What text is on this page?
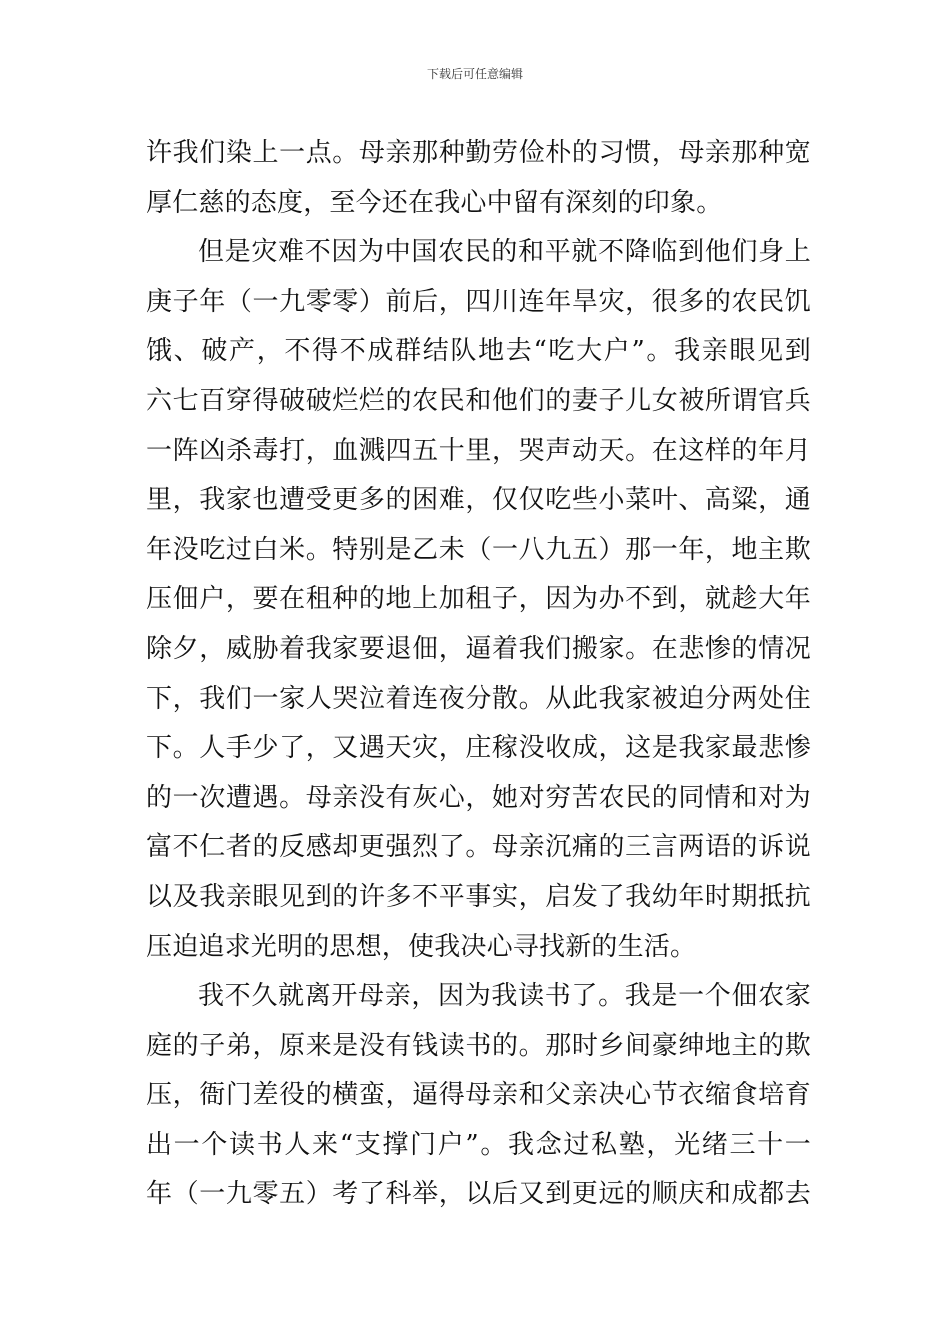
下载后可任意编辑
许我们染上一点。母亲那种勤劳俭朴的习惯，母亲那种宽
厚仁慈的态度，至今还在我心中留有深刻的印象。
但是灾难不因为中国农民的和平就不降临到他们身上
庚子年（一九零零）前后，四川连年旱灾，很多的农民饥
饿、破产，不得不成群结队地去“吃大户”。我亲眼见到
六七百穿得破破烂烂的农民和他们的妻子儿女被所谓官兵
一阵凶杀毒打，血溅四五十里，哭声动天。在这样的年月
里，我家也遭受更多的困难，仅仅吃些小菜叶、高粱，通
年没吃过白米。特别是乙未（一八九五）那一年，地主欺
压佃户，要在租种的地上加租子，因为办不到，就趁大年
除夕，威胁着我家要退佃，逼着我们搬家。在悲惨的情况
下，我们一家人哭泣着连夜分散。从此我家被迫分两处住
下。人手少了，又遇天灾，庄稼没收成，这是我家最悲惨
的一次遭遇。母亲没有灰心，她对穷苦农民的同情和对为
富不仁者的反感却更强烈了。母亲沉痛的三言两语的诉说
以及我亲眼见到的许多不平事实，启发了我幼年时期抵抗
压迫追求光明的思想，使我决心寻找新的生活。
我不久就离开母亲，因为我读书了。我是一个佃农家
庭的子弟，原来是没有钱读书的。那时乡间豪绅地主的欺
压，衙门差役的横蛮，逼得母亲和父亲决心节衣缩食培育
出一个读书人来“支撑门户”。我念过私塾，光绪三十一
年（一九零五）考了科举，以后又到更远的顺庆和成都去
